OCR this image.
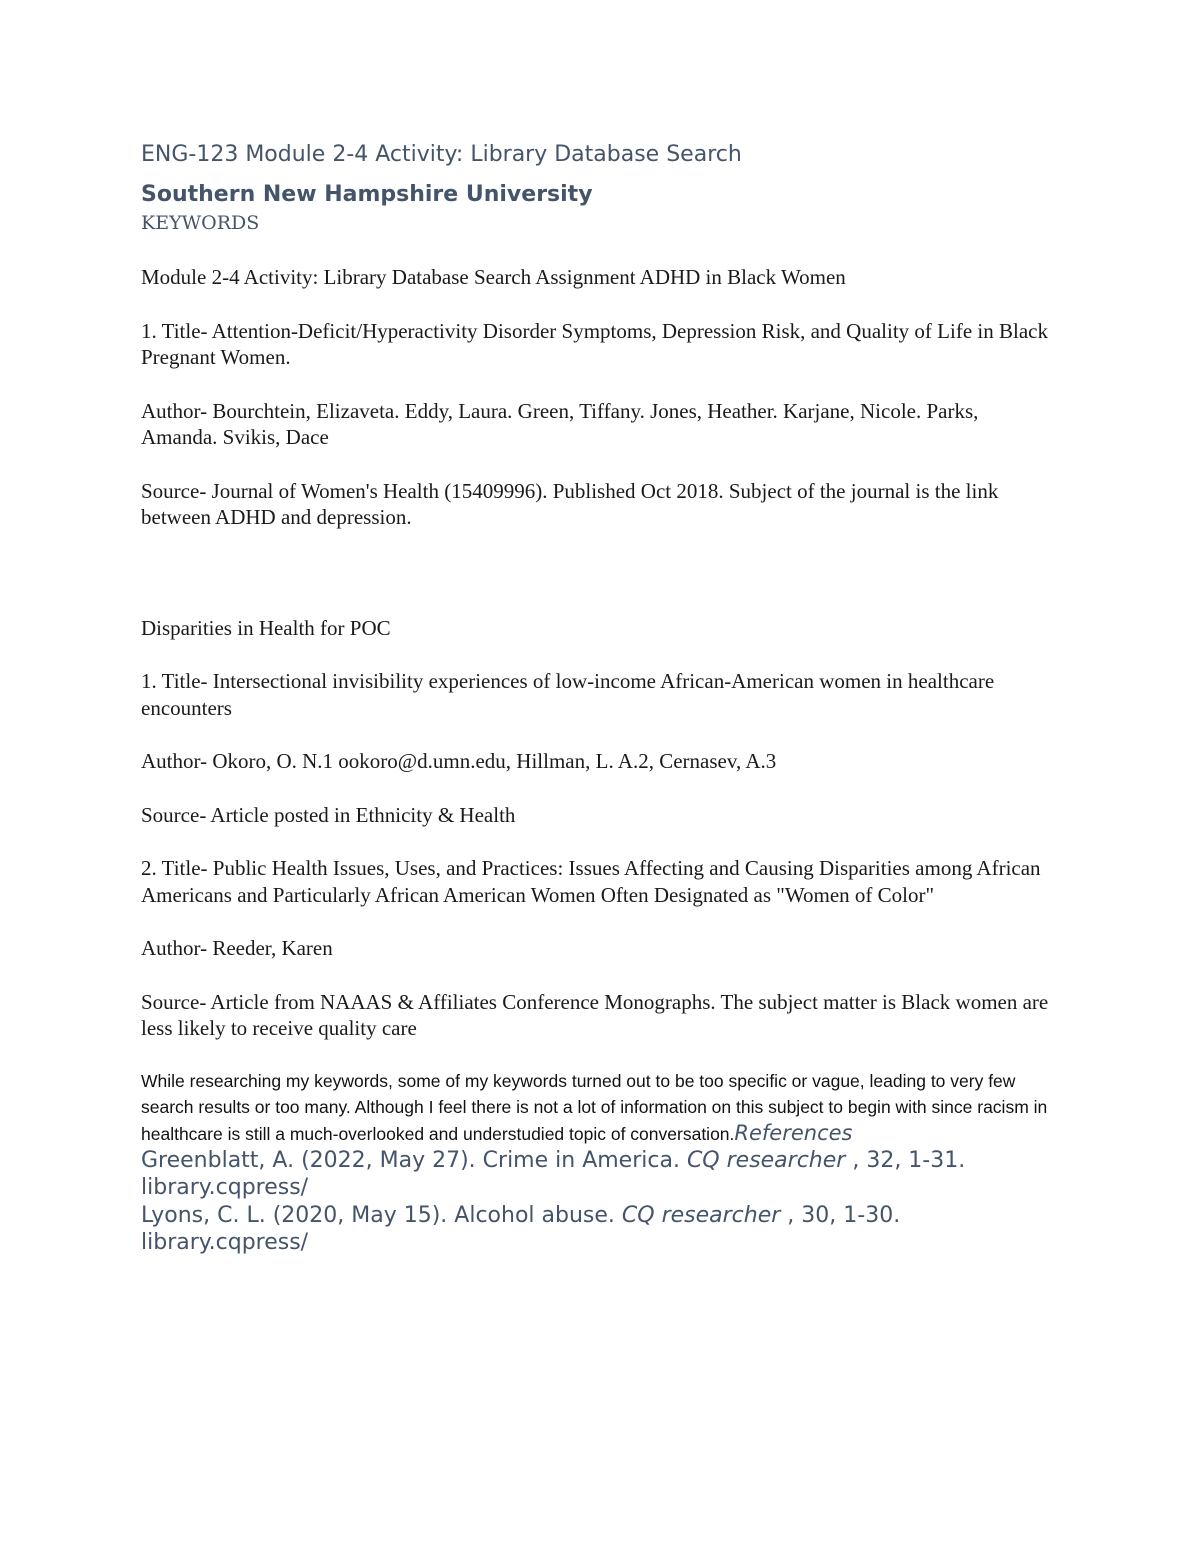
ENG-123 Module 2-4 Activity: Library Database Search

Southern New Hampshire University

KEYWORDS

Module 2-4 Activity: Library Database Search Assignment ADHD in Black Women

1. Title- Attention-Deficit/Hyperactivity Disorder Symptoms, Depression Risk, and Quality of Life in Black Pregnant Women.

Author- Bourchtein, Elizaveta. Eddy, Laura. Green, Tiffany. Jones, Heather. Karjane, Nicole. Parks, Amanda. Svikis, Dace

Source- Journal of Women's Health (15409996). Published Oct 2018. Subject of the journal is the link between ADHD and depression.

Disparities in Health for POC

1. Title- Intersectional invisibility experiences of low-income African-American women in healthcare encounters

Author- Okoro, O. N.1 ookoro@d.umn.edu, Hillman, L. A.2, Cernasev, A.3

Source- Article posted in Ethnicity & Health

2. Title- Public Health Issues, Uses, and Practices: Issues Affecting and Causing Disparities among African Americans and Particularly African American Women Often Designated as "Women of Color"

Author- Reeder, Karen

Source- Article from NAAAS & Affiliates Conference Monographs. The subject matter is Black women are less likely to receive quality care

While researching my keywords, some of my keywords turned out to be too specific or vague, leading to very few search results or too many. Although I feel there is not a lot of information on this subject to begin with since racism in healthcare is still a much-overlooked and understudied topic of conversation.References

Greenblatt, A. (2022, May 27). Crime in America. CQ researcher , 32, 1-31. library.cqpress/

Lyons, C. L. (2020, May 15). Alcohol abuse. CQ researcher , 30, 1-30. library.cqpress/
